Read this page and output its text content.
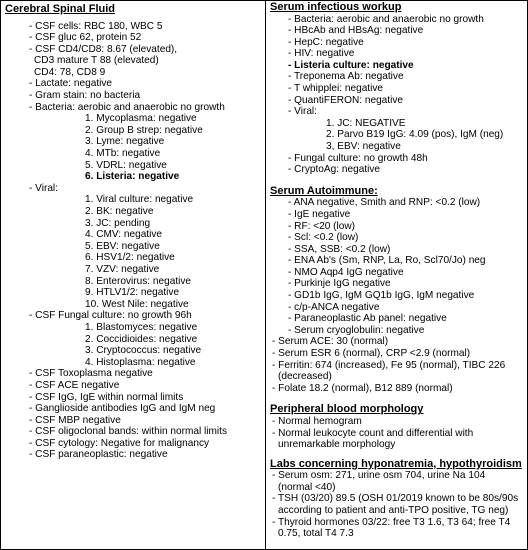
Cerebral Spinal Fluid
- CSF cells: RBC 180, WBC 5
- CSF gluc 62, protein 52
- CSF CD4/CD8: 8.67 (elevated),
CD3 mature T 88 (elevated)
CD4: 78, CD8 9
- Lactate: negative
- Gram stain: no bacteria
- Bacteria: aerobic and anaerobic no growth
1. Mycoplasma: negative
2. Group B strep: negative
3. Lyme: negative
4. MTb: negative
5. VDRL: negative
6. Listeria: negative
- Viral:
1. Viral culture: negative
2. BK: negative
3. JC: pending
4. CMV: negative
5. EBV: negative
6. HSV1/2: negative
7. VZV: negative
8. Enterovirus: negative
9. HTLV1/2: negative
10. West Nile: negative
- CSF Fungal culture: no growth 96h
1. Blastomyces: negative
2. Coccidioides: negative
3. Cryptococcus: negative
4. Histoplasma: negative
- CSF Toxoplasma negative
- CSF ACE negative
- CSF IgG, IgE within normal limits
- Ganglioside antibodies IgG and IgM neg
- CSF MBP negative
- CSF oligoclonal bands: within normal limits
- CSF cytology: Negative for malignancy
- CSF paraneoplastic: negative
Serum infectious workup
- Bacteria: aerobic and anaerobic no growth
- HBcAb and HBsAg: negative
- HepC: negative
- HIV: negative
- Listeria culture: negative
- Treponema Ab: negative
- T whipplei: negative
- QuantiFERON: negative
- Viral:
1. JC: NEGATIVE
2. Parvo B19 IgG: 4.09 (pos), IgM (neg)
3, EBV: negative
- Fungal culture: no growth 48h
- CryptoAg: negative
Serum Autoimmune:
- ANA negative, Smith and RNP: <0.2 (low)
- IgE negative
- RF: <20 (low)
- Scl: <0.2 (low)
- SSA, SSB: <0.2 (low)
- ENA Ab's (Sm, RNP, La, Ro, Scl70/Jo) neg
- NMO Aqp4 IgG negative
- Purkinje IgG negative
- GD1b IgG, IgM GQ1b IgG, IgM negative
- c/p-ANCA negative
- Paraneoplastic Ab panel: negative
- Serum cryoglobulin: negative
- Serum ACE: 30 (normal)
- Serum ESR 6 (normal), CRP <2.9 (normal)
- Ferritin: 674 (increased), Fe 95 (normal), TIBC 226
(decreased)
- Folate 18.2 (normal), B12 889 (normal)
Peripheral blood morphology
- Normal hemogram
- Normal leukocyte count and differential with
unremarkable morphology
Labs concerning hyponatremia, hypothyroidism
- Serum osm: 271, urine osm 704, urine Na 104
(normal <40)
- TSH (03/20) 89.5 (OSH 01/2019 known to be 80s/90s
according to patient and anti-TPO positive, TG neg)
- Thyroid hormones 03/22: free T3 1.6, T3 64; free T4
0.75, total T4 7.3
